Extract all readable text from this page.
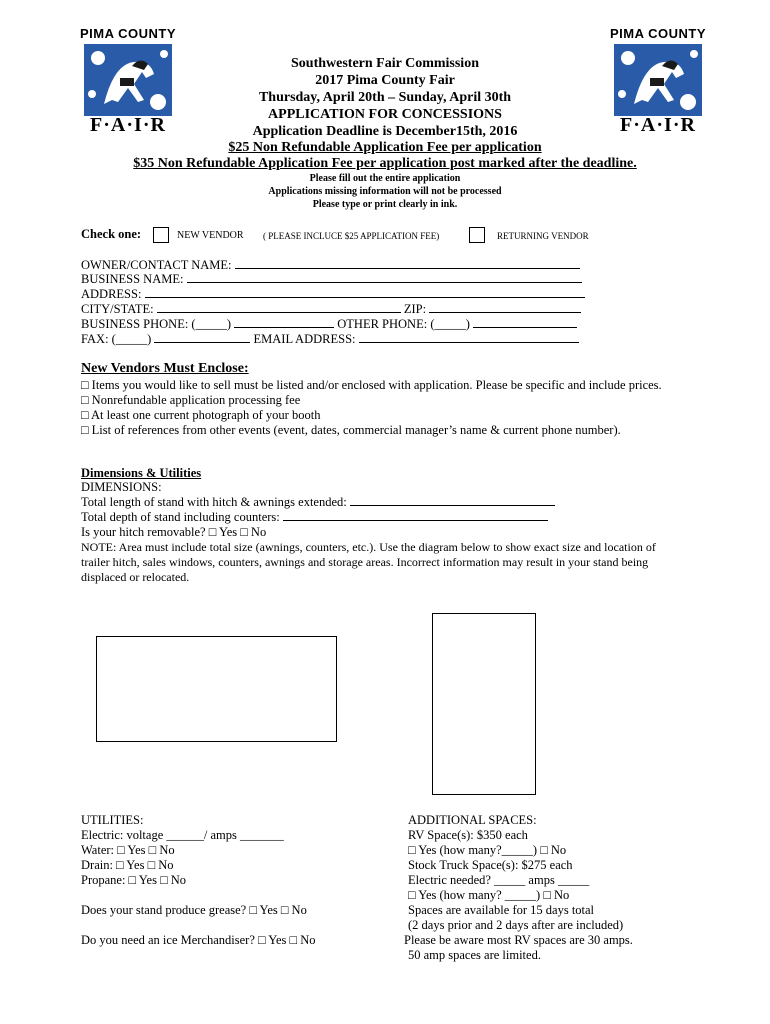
PIMA COUNTY
F·A·I·R
PIMA COUNTY
F·A·I·R
Southwestern Fair Commission
2017 Pima County Fair
Thursday, April 20th – Sunday, April 30th
APPLICATION FOR CONCESSIONS
Application Deadline is December15th, 2016
$25 Non Refundable Application Fee per application
$35 Non Refundable Application Fee per application post marked after the deadline.
Please fill out the entire application
Applications missing information will not be processed
Please type or print clearly in ink.
Check one:	NEW VENDOR ( PLEASE INCLUCE $25 APPLICATION FEE)	RETURNING VENDOR
OWNER/CONTACT NAME:
BUSINESS NAME:
ADDRESS:
CITY/STATE:	ZIP:
BUSINESS PHONE: (_____)	OTHER PHONE: (_____)
FAX: (_____)	EMAIL ADDRESS:
New Vendors Must Enclose:
□ Items you would like to sell must be listed and/or enclosed with application. Please be specific and include prices.
□ Nonrefundable application processing fee
□ At least one current photograph of your booth
□ List of references from other events (event, dates, commercial manager’s name & current phone number).
Dimensions & Utilities
DIMENSIONS:
Total length of stand with hitch & awnings extended:
Total depth of stand including counters:
Is your hitch removable? □ Yes □ No
NOTE: Area must include total size (awnings, counters, etc.). Use the diagram below to show exact size and location of
trailer hitch, sales windows, counters, awnings and storage areas. Incorrect information may result in your stand being
displaced or relocated.
UTILITIES:
Electric: voltage ______/ amps _______
Water: □ Yes □ No
Drain: □ Yes □ No
Propane: □ Yes □ No
Does your stand produce grease? □ Yes □ No
Do you need an ice Merchandiser? □ Yes □ No
ADDITIONAL SPACES:
RV Space(s): $350 each
□ Yes (how many?_____) □ No
Stock Truck Space(s): $275 each
Electric needed? _____ amps _____
□ Yes (how many? _____) □ No
Spaces are available for 15 days total
(2 days prior and 2 days after are included)
Please be aware most RV spaces are 30 amps.
50 amp spaces are limited.
